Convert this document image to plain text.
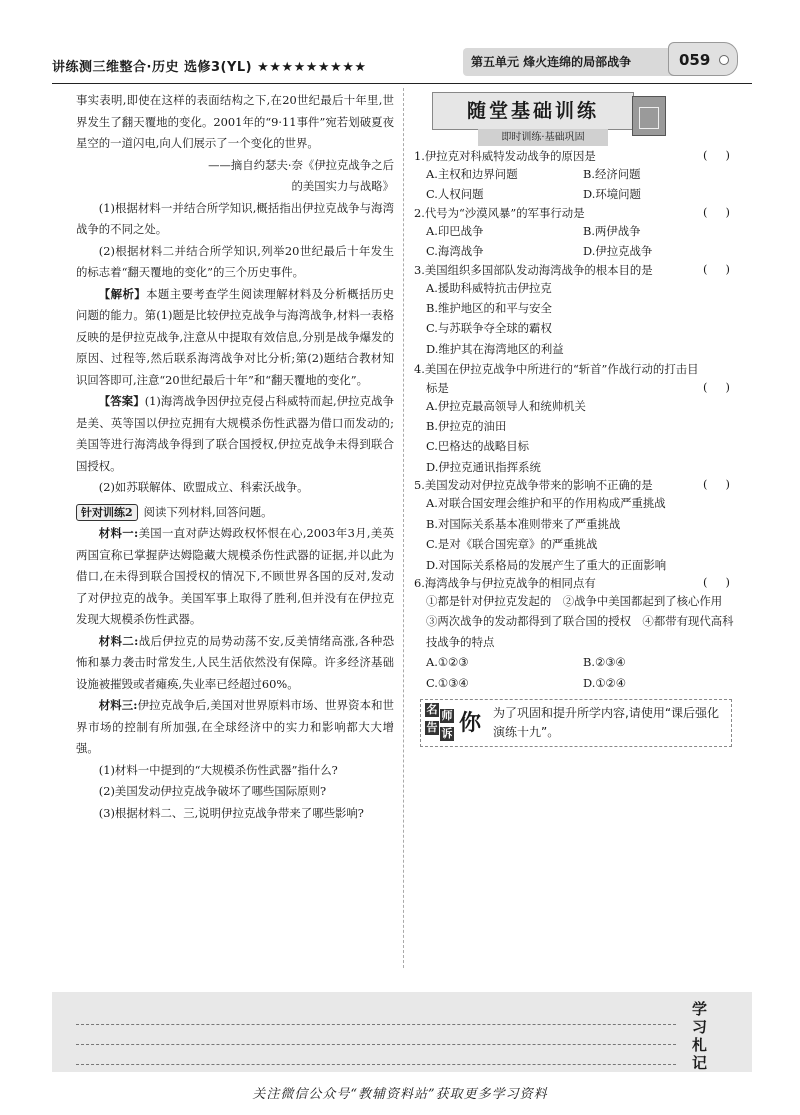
讲练测三维整合·历史 选修3(YL) ★★★★★★★★★	第五单元 烽火连绵的局部战争	059

事实表明,即使在这样的表面结构之下,在20世纪最后十年里,世界发生了翻天覆地的变化。2001年的“9·11事件”宛若划破夏夜星空的一道闪电,向人们展示了一个变化的世界。

——摘自约瑟夫·奈《伊拉克战争之后

的美国实力与战略》

(1)根据材料一并结合所学知识,概括指出伊拉克战争与海湾战争的不同之处。

(2)根据材料二并结合所学知识,列举20世纪最后十年发生的标志着“翻天覆地的变化”的三个历史事件。

【解析】本题主要考查学生阅读理解材料及分析概括历史问题的能力。第(1)题是比较伊拉克战争与海湾战争,材料一表格反映的是伊拉克战争,注意从中提取有效信息,分别是战争爆发的原因、过程等,然后联系海湾战争对比分析;第(2)题结合教材知识回答即可,注意“20世纪最后十年”和“翻天覆地的变化”。

【答案】(1)海湾战争因伊拉克侵占科威特而起,伊拉克战争是美、英等国以伊拉克拥有大规模杀伤性武器为借口而发动的;美国等进行海湾战争得到了联合国授权,伊拉克战争未得到联合国授权。

(2)如苏联解体、欧盟成立、科索沃战争。

针对训练2 阅读下列材料,回答问题。

材料一:美国一直对萨达姆政权怀恨在心,2003年3月,美英两国宣称已掌握萨达姆隐藏大规模杀伤性武器的证据,并以此为借口,在未得到联合国授权的情况下,不顾世界各国的反对,发动了对伊拉克的战争。美国军事上取得了胜利,但并没有在伊拉克发现大规模杀伤性武器。

材料二:战后伊拉克的局势动荡不安,反美情绪高涨,各种恐怖和暴力袭击时常发生,人民生活依然没有保障。许多经济基础设施被摧毁或者瘫痪,失业率已经超过60%。

材料三:伊拉克战争后,美国对世界原料市场、世界资本和世界市场的控制有所加强,在全球经济中的实力和影响都大大增强。

(1)材料一中提到的“大规模杀伤性武器”指什么?

(2)美国发动伊拉克战争破坏了哪些国际原则?

(3)根据材料二、三,说明伊拉克战争带来了哪些影响?

随堂基础训练
即时训练·基础巩固
1.伊拉克对科威特发动战争的原因是	(     )
A.主权和边界问题	B.经济问题
C.人权问题	D.环境问题
2.代号为“沙漠风暴”的军事行动是	(     )
A.印巴战争	B.两伊战争
C.海湾战争	D.伊拉克战争
3.美国组织多国部队发动海湾战争的根本目的是	(     )

A.援助科威特抗击伊拉克

B.维护地区的和平与安全

C.与苏联争夺全球的霸权

D.维护其在海湾地区的利益

4.美国在伊拉克战争中所进行的“斩首”作战行动的打击目

标是	(     )

A.伊拉克最高领导人和统帅机关

B.伊拉克的油田

C.巴格达的战略目标

D.伊拉克通讯指挥系统

5.美国发动对伊拉克战争带来的影响不正确的是	(     )

A.对联合国安理会维护和平的作用构成严重挑战

B.对国际关系基本准则带来了严重挑战

C.是对《联合国宪章》的严重挑战

D.对国际关系格局的发展产生了重大的正面影响

6.海湾战争与伊拉克战争的相同点有	(     )

①都是针对伊拉克发起的　②战争中美国都起到了核心作用　③两次战争的发动都得到了联合国的授权　④都带有现代高科技战争的特点

A.①②③	B.②③④
C.①③④	D.①②④
名 师
告 诉 你 为了巩固和提升所学内容,请使用“课后强化演练十九”。
学习札记
关注微信公众号“教辅资料站”获取更多学习资料
